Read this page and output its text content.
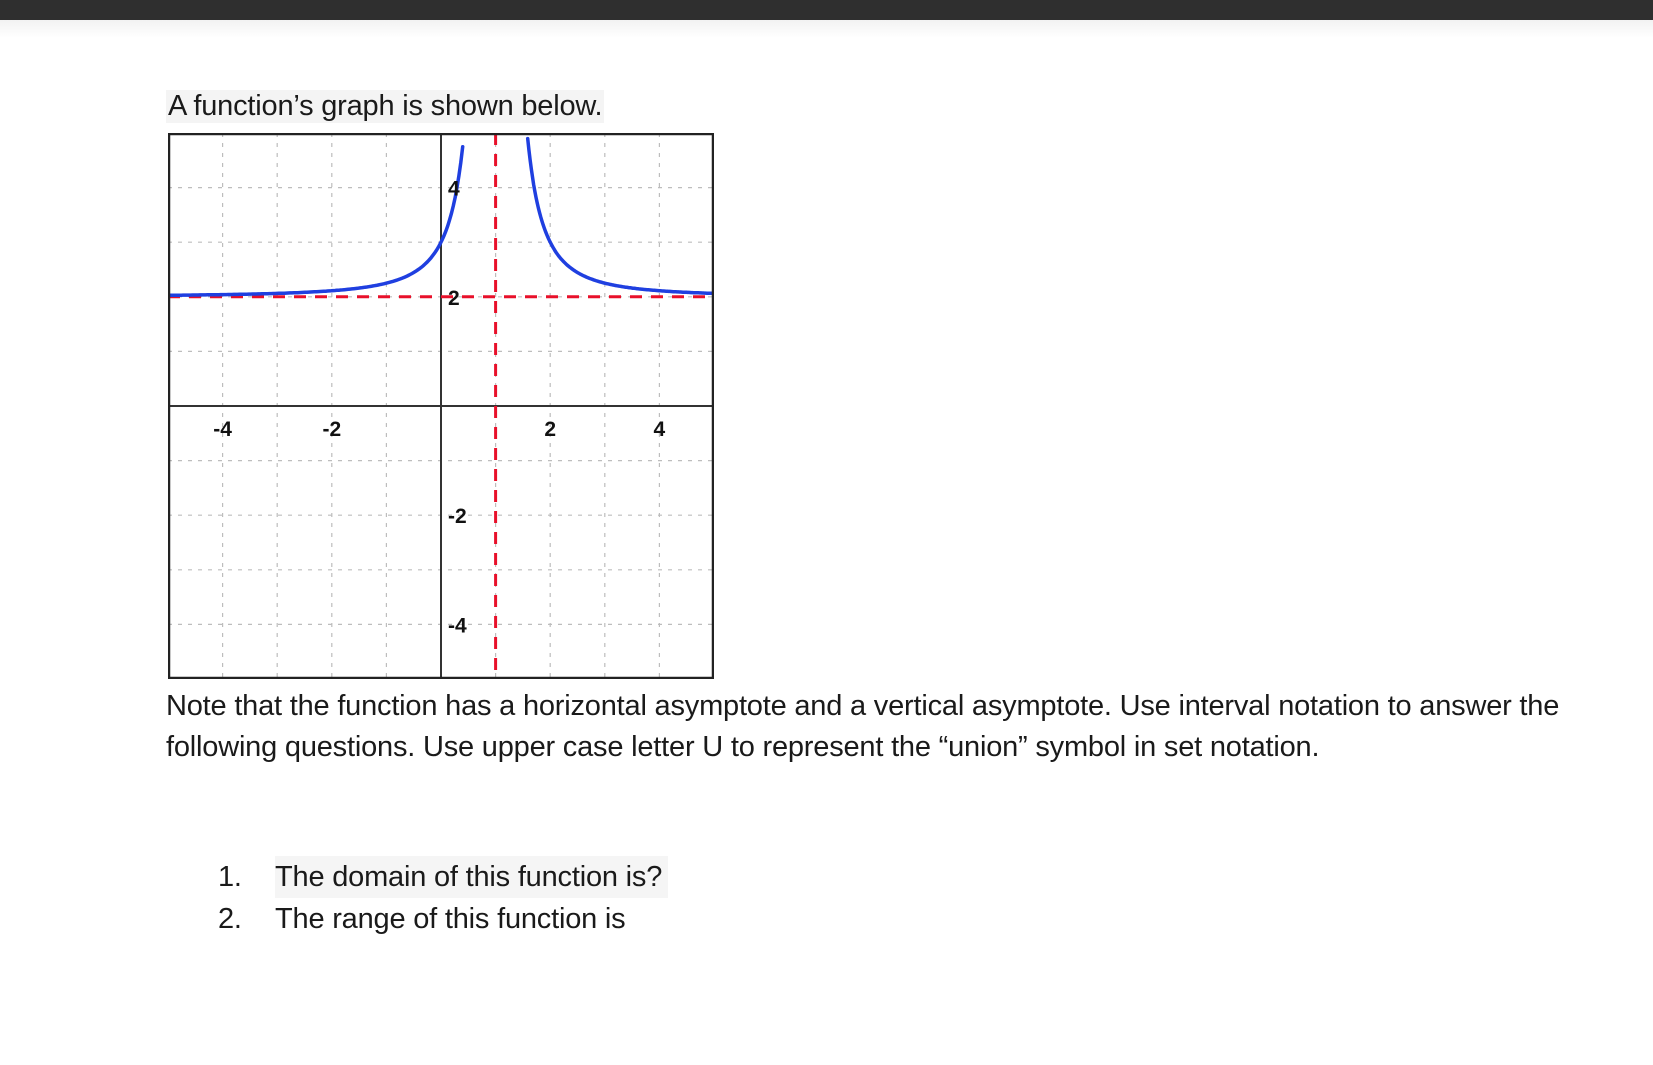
A function’s graph is shown below.
-4	-2	2	4
4
2
-2
-4
Note that the function has a horizontal asymptote and a vertical asymptote. Use interval notation to answer the following questions. Use upper case letter U to represent the “union” symbol in set notation.
1.	The domain of this function is?
2.	The range of this function is
